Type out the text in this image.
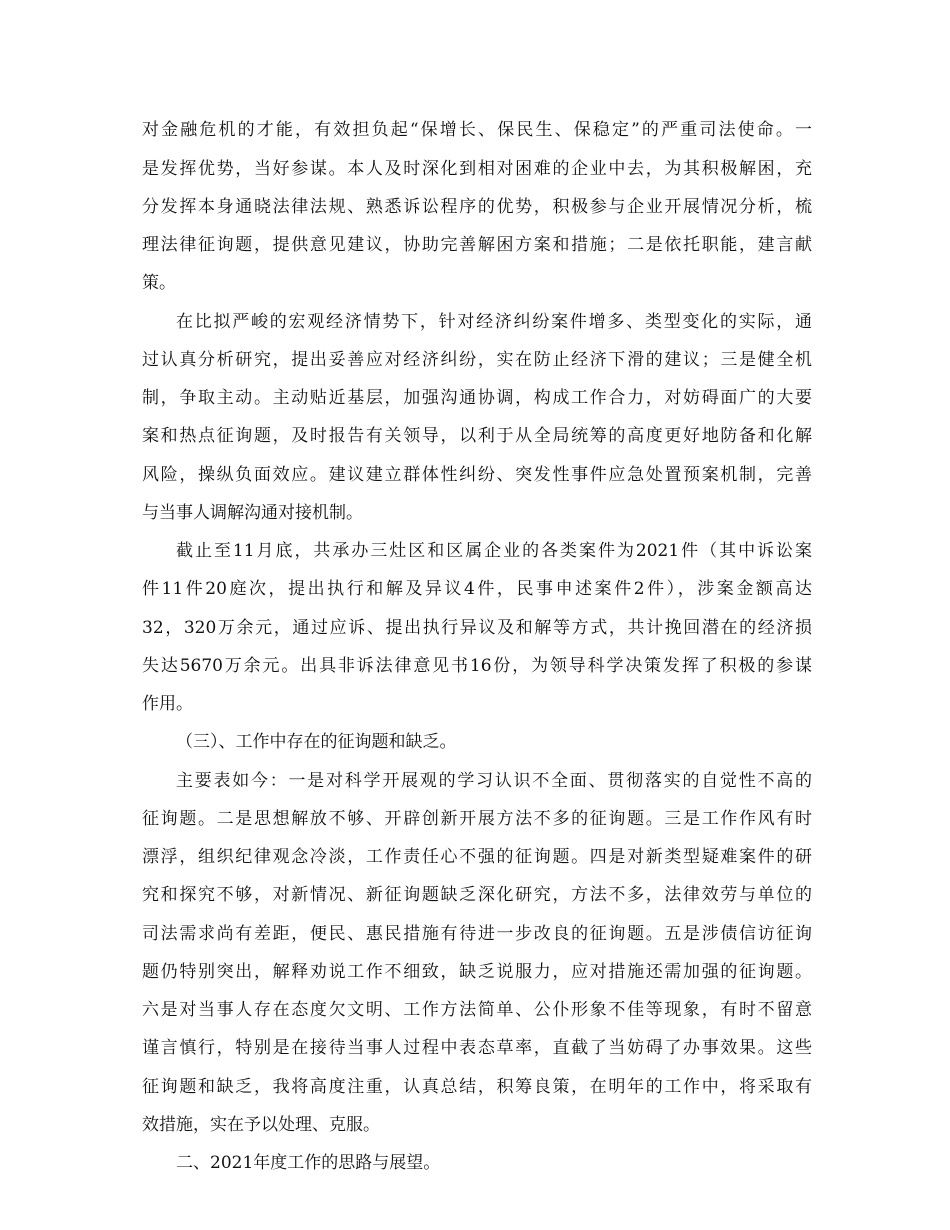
对金融危机的才能，有效担负起“保增长、保民生、保稳定”的严重司法使命。一
是发挥优势，当好参谋。本人及时深化到相对困难的企业中去，为其积极解困，充
分发挥本身通晓法律法规、熟悉诉讼程序的优势，积极参与企业开展情况分析，梳
理法律征询题，提供意见建议，协助完善解困方案和措施；二是依托职能，建言献
策。
在比拟严峻的宏观经济情势下，针对经济纠纷案件增多、类型变化的实际，通
过认真分析研究，提出妥善应对经济纠纷，实在防止经济下滑的建议；三是健全机
制，争取主动。主动贴近基层，加强沟通协调，构成工作合力，对妨碍面广的大要
案和热点征询题，及时报告有关领导，以利于从全局统筹的高度更好地防备和化解
风险，操纵负面效应。建议建立群体性纠纷、突发性事件应急处置预案机制，完善
与当事人调解沟通对接机制。
截止至11月底，共承办三灶区和区属企业的各类案件为2021件（其中诉讼案
件11件20庭次，提出执行和解及异议4件，民事申述案件2件），涉案金额高达
32，320万余元，通过应诉、提出执行异议及和解等方式，共计挽回潜在的经济损
失达5670万余元。出具非诉法律意见书16份，为领导科学决策发挥了积极的参谋
作用。
（三）、工作中存在的征询题和缺乏。
主要表如今：一是对科学开展观的学习认识不全面、贯彻落实的自觉性不高的
征询题。二是思想解放不够、开辟创新开展方法不多的征询题。三是工作作风有时
漂浮，组织纪律观念冷淡，工作责任心不强的征询题。四是对新类型疑难案件的研
究和探究不够，对新情况、新征询题缺乏深化研究，方法不多，法律效劳与单位的
司法需求尚有差距，便民、惠民措施有待进一步改良的征询题。五是涉债信访征询
题仍特别突出，解释劝说工作不细致，缺乏说服力，应对措施还需加强的征询题。
六是对当事人存在态度欠文明、工作方法简单、公仆形象不佳等现象，有时不留意
谨言慎行，特别是在接待当事人过程中表态草率，直截了当妨碍了办事效果。这些
征询题和缺乏，我将高度注重，认真总结，积筹良策，在明年的工作中，将采取有
效措施，实在予以处理、克服。
二、2021年度工作的思路与展望。
